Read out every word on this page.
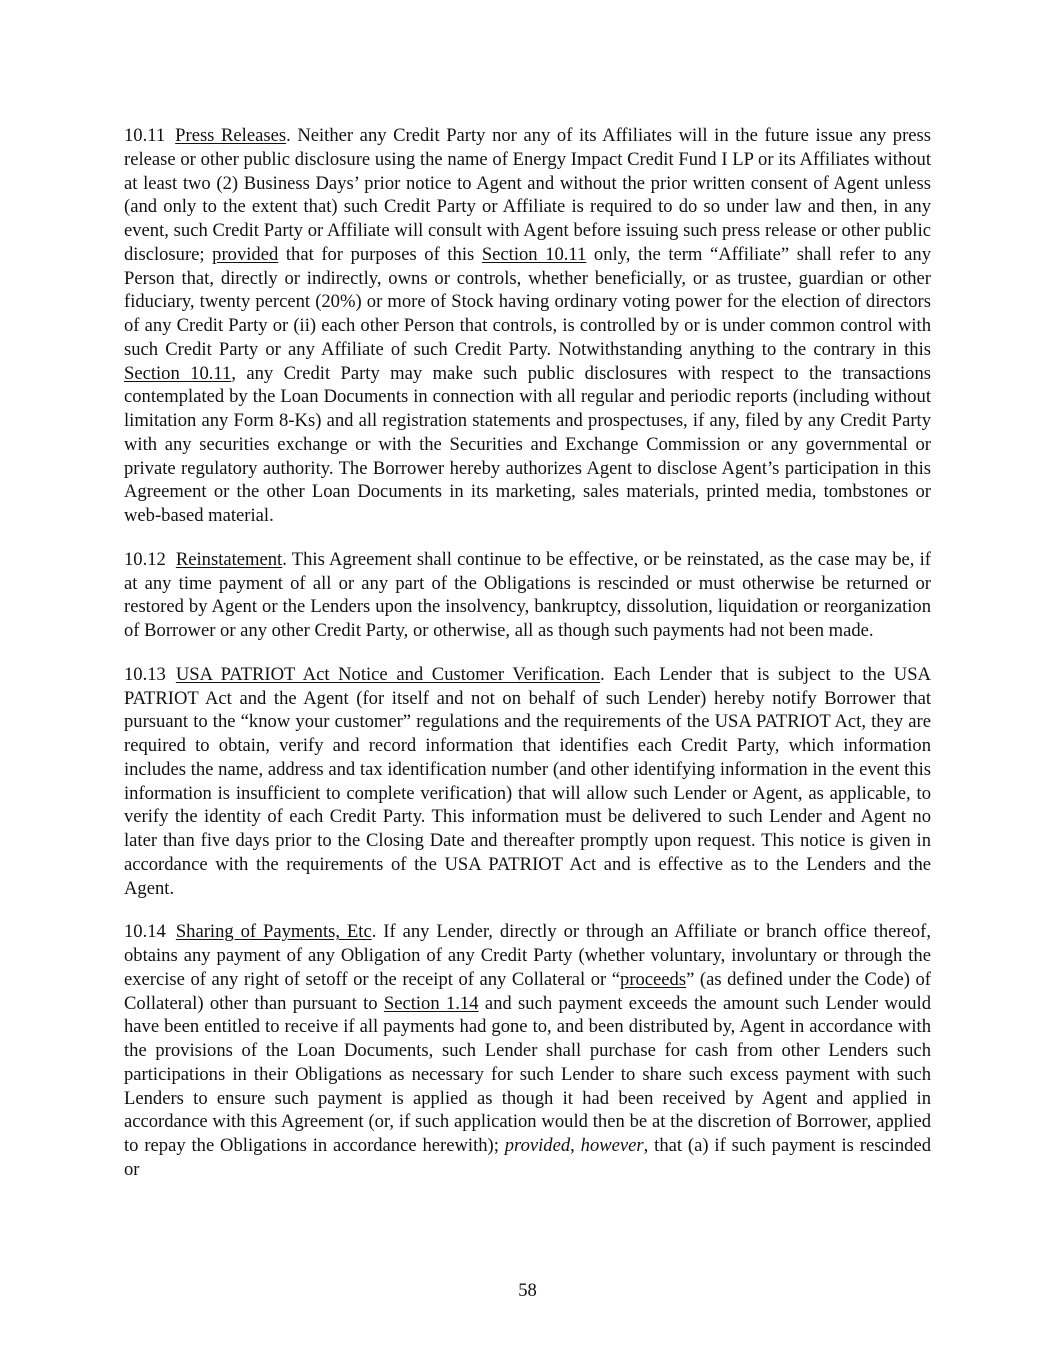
10.11 Press Releases. Neither any Credit Party nor any of its Affiliates will in the future issue any press release or other public disclosure using the name of Energy Impact Credit Fund I LP or its Affiliates without at least two (2) Business Days’ prior notice to Agent and without the prior written consent of Agent unless (and only to the extent that) such Credit Party or Affiliate is required to do so under law and then, in any event, such Credit Party or Affiliate will consult with Agent before issuing such press release or other public disclosure; provided that for purposes of this Section 10.11 only, the term “Affiliate” shall refer to any Person that, directly or indirectly, owns or controls, whether beneficially, or as trustee, guardian or other fiduciary, twenty percent (20%) or more of Stock having ordinary voting power for the election of directors of any Credit Party or (ii) each other Person that controls, is controlled by or is under common control with such Credit Party or any Affiliate of such Credit Party. Notwithstanding anything to the contrary in this Section 10.11, any Credit Party may make such public disclosures with respect to the transactions contemplated by the Loan Documents in connection with all regular and periodic reports (including without limitation any Form 8-Ks) and all registration statements and prospectuses, if any, filed by any Credit Party with any securities exchange or with the Securities and Exchange Commission or any governmental or private regulatory authority. The Borrower hereby authorizes Agent to disclose Agent’s participation in this Agreement or the other Loan Documents in its marketing, sales materials, printed media, tombstones or web-based material.

10.12 Reinstatement. This Agreement shall continue to be effective, or be reinstated, as the case may be, if at any time payment of all or any part of the Obligations is rescinded or must otherwise be returned or restored by Agent or the Lenders upon the insolvency, bankruptcy, dissolution, liquidation or reorganization of Borrower or any other Credit Party, or otherwise, all as though such payments had not been made.

10.13 USA PATRIOT Act Notice and Customer Verification. Each Lender that is subject to the USA PATRIOT Act and the Agent (for itself and not on behalf of such Lender) hereby notify Borrower that pursuant to the “know your customer” regulations and the requirements of the USA PATRIOT Act, they are required to obtain, verify and record information that identifies each Credit Party, which information includes the name, address and tax identification number (and other identifying information in the event this information is insufficient to complete verification) that will allow such Lender or Agent, as applicable, to verify the identity of each Credit Party. This information must be delivered to such Lender and Agent no later than five days prior to the Closing Date and thereafter promptly upon request. This notice is given in accordance with the requirements of the USA PATRIOT Act and is effective as to the Lenders and the Agent.

10.14 Sharing of Payments, Etc. If any Lender, directly or through an Affiliate or branch office thereof, obtains any payment of any Obligation of any Credit Party (whether voluntary, involuntary or through the exercise of any right of setoff or the receipt of any Collateral or “proceeds” (as defined under the Code) of Collateral) other than pursuant to Section 1.14 and such payment exceeds the amount such Lender would have been entitled to receive if all payments had gone to, and been distributed by, Agent in accordance with the provisions of the Loan Documents, such Lender shall purchase for cash from other Lenders such participations in their Obligations as necessary for such Lender to share such excess payment with such Lenders to ensure such payment is applied as though it had been received by Agent and applied in accordance with this Agreement (or, if such application would then be at the discretion of Borrower, applied to repay the Obligations in accordance herewith); provided, however, that (a) if such payment is rescinded or

58
